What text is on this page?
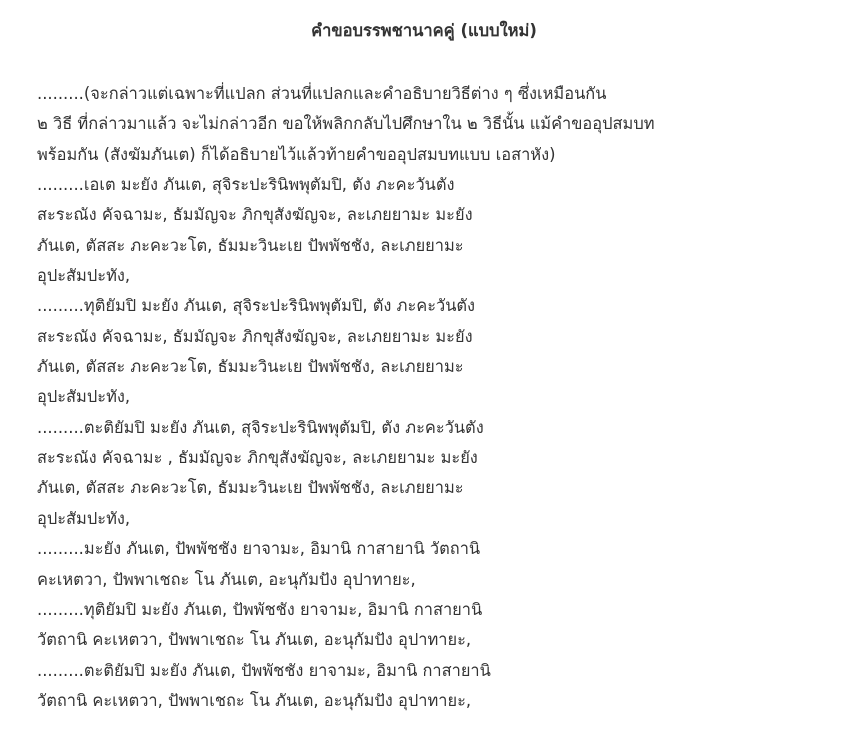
คำขอบรรพชานาคคู่ (แบบใหม่)
.........(จะกล่าวแต่เฉพาะที่แปลก ส่วนที่แปลกและคำอธิบายวิธีต่าง ๆ ซึ่งเหมือนกัน
๒ วิธี ที่กล่าวมาแล้ว จะไม่กล่าวอีก ขอให้พลิกกลับไปศึกษาใน ๒ วิธีนั้น แม้คำขออุปสมบท
พร้อมกัน (สังฆัมภันเต) ก็ได้อธิบายไว้แล้วท้ายคำขออุปสมบทแบบ เอสาหัง)
.........เอเต มะยัง ภันเต, สุจิระปะรินิพพุตัมปิ, ตัง ภะคะวันตัง
สะระณัง คัจฉามะ, ธัมมัญจะ ภิกขุสังฆัญจะ, ละเภยยามะ มะยัง
ภันเต, ตัสสะ ภะคะวะโต, ธัมมะวินะเย ปัพพัชชัง, ละเภยยามะ
อุปะสัมปะทัง,
.........ทุติยัมปิ มะยัง ภันเต, สุจิระปะรินิพพุตัมปิ, ตัง ภะคะวันตัง
สะระณัง คัจฉามะ, ธัมมัญจะ ภิกขุสังฆัญจะ, ละเภยยามะ มะยัง
ภันเต, ตัสสะ ภะคะวะโต, ธัมมะวินะเย ปัพพัชชัง, ละเภยยามะ
อุปะสัมปะทัง,
.........ตะติยัมปิ มะยัง ภันเต, สุจิระปะรินิพพุตัมปิ, ตัง ภะคะวันตัง
สะระณัง คัจฉามะ , ธัมมัญจะ ภิกขุสังฆัญจะ, ละเภยยามะ มะยัง
ภันเต, ตัสสะ ภะคะวะโต, ธัมมะวินะเย ปัพพัชชัง, ละเภยยามะ
อุปะสัมปะทัง,
.........มะยัง ภันเต, ปัพพัชชัง ยาจามะ, อิมานิ กาสายานิ วัตถานิ
คะเหตวา, ปัพพาเชถะ โน ภันเต, อะนุกัมปัง อุปาทายะ,
.........ทุติยัมปิ มะยัง ภันเต, ปัพพัชชัง ยาจามะ, อิมานิ กาสายานิ
วัตถานิ คะเหตวา, ปัพพาเชถะ โน ภันเต, อะนุกัมปัง อุปาทายะ,
.........ตะติยัมปิ มะยัง ภันเต, ปัพพัชชัง ยาจามะ, อิมานิ กาสายานิ
วัตถานิ คะเหตวา, ปัพพาเชถะ โน ภันเต, อะนุกัมปัง อุปาทายะ,
